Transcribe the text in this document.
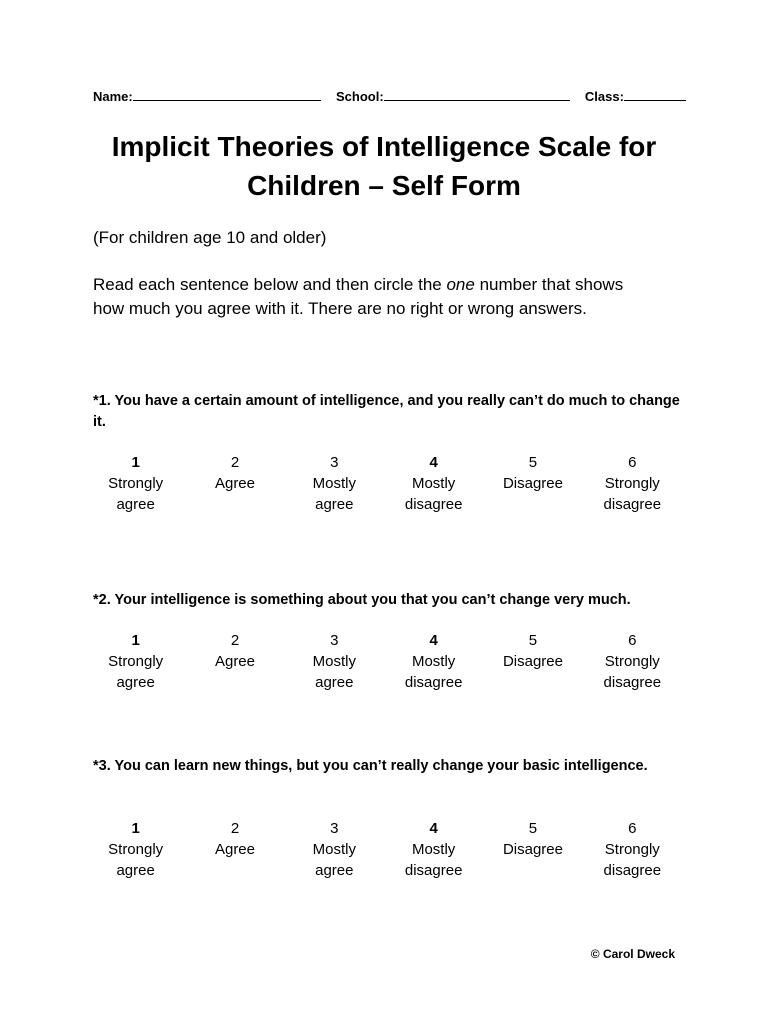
Name:	School:	Class:
Implicit Theories of Intelligence Scale for Children – Self Form
(For children age 10 and older)
Read each sentence below and then circle the one number that shows how much you agree with it. There are no right or wrong answers.
*1. You have a certain amount of intelligence, and you really can’t do much to change it.
1
Strongly
agree
2
Agree
3
Mostly
agree
4
Mostly
disagree
5
Disagree
6
Strongly
disagree
*2. Your intelligence is something about you that you can’t change very much.
1
Strongly
agree
2
Agree
3
Mostly
agree
4
Mostly
disagree
5
Disagree
6
Strongly
disagree
*3. You can learn new things, but you can’t really change your basic intelligence.
1
Strongly
agree
2
Agree
3
Mostly
agree
4
Mostly
disagree
5
Disagree
6
Strongly
disagree
© Carol Dweck
